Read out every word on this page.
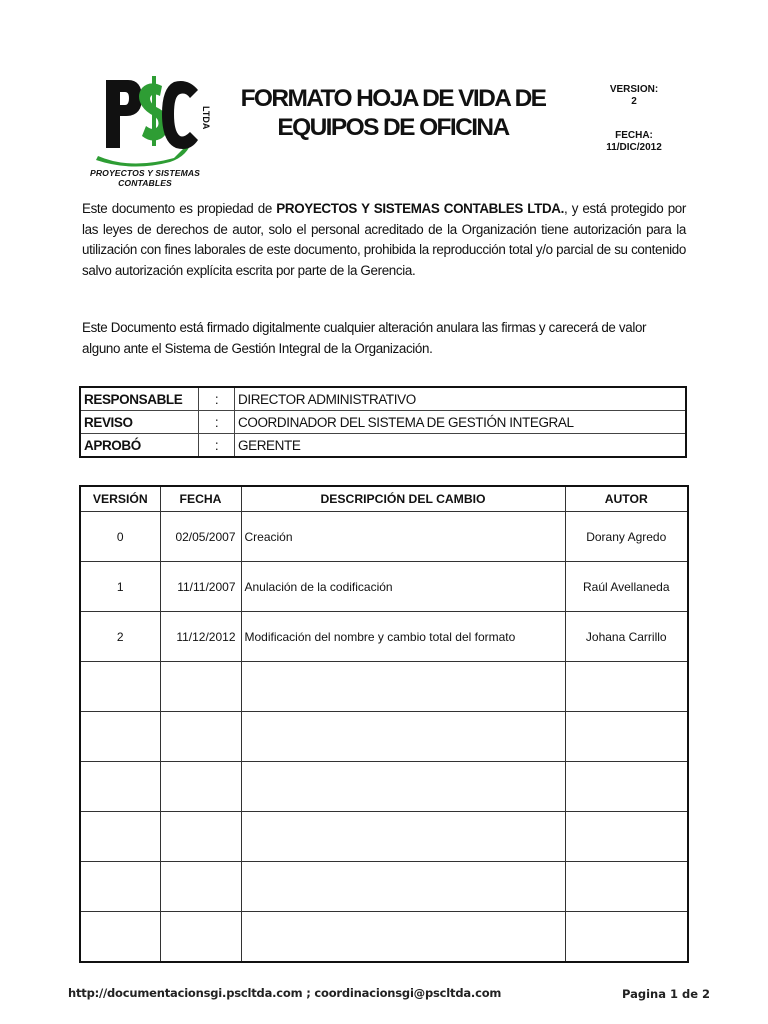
LTDA
PROYECTOS Y SISTEMAS CONTABLES
FORMATO HOJA DE VIDA DE
EQUIPOS DE OFICINA
VERSION:
2
FECHA:
11/DIC/2012
Este documento es propiedad de PROYECTOS Y SISTEMAS CONTABLES LTDA., y está protegido por las leyes de derechos de autor, solo el personal acreditado de la Organización tiene autorización para la utilización con fines laborales de este documento, prohibida la reproducción total y/o parcial de su contenido salvo autorización explícita escrita por parte de la Gerencia.
Este Documento está firmado digitalmente cualquier alteración anulara las firmas y carecerá de valor alguno ante el Sistema de Gestión Integral de la Organización.
RESPONSABLE	:	DIRECTOR ADMINISTRATIVO
REVISO	:	COORDINADOR DEL SISTEMA DE GESTIÓN INTEGRAL
APROBÓ	:	GERENTE
VERSIÓN	FECHA	DESCRIPCIÓN DEL CAMBIO	AUTOR
0	02/05/2007	Creación	Dorany Agredo
1	11/11/2007	Anulación de la codificación	Raúl Avellaneda
2	11/12/2012	Modificación del nombre y cambio total del formato	Johana Carrillo

http://documentacionsgi.pscltda.com ; coordinacionsgi@pscltda.com	Pagina 1 de 2
